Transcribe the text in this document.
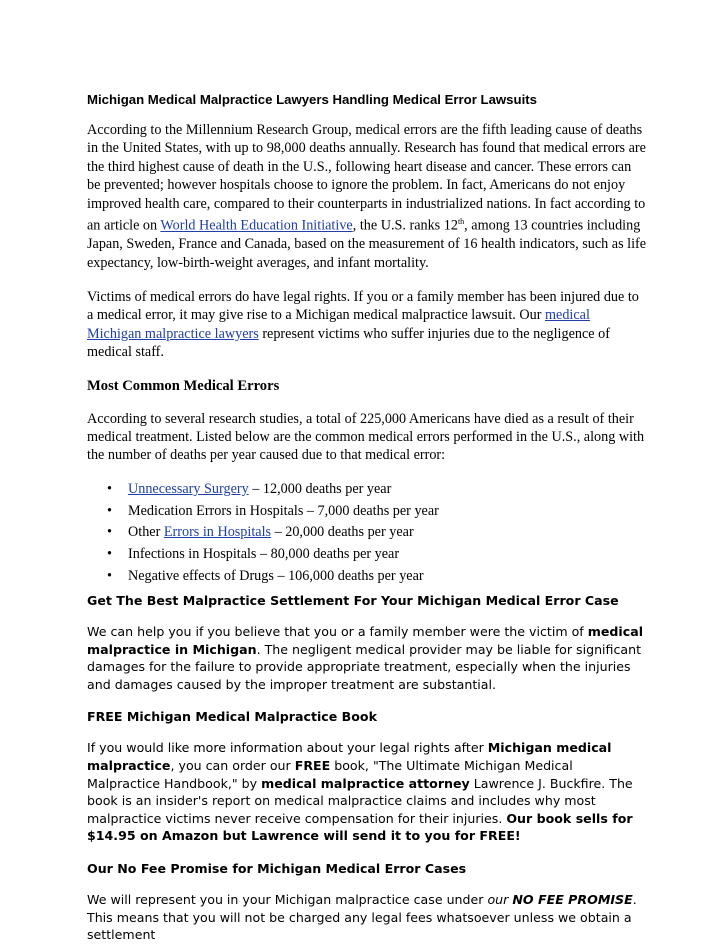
Michigan Medical Malpractice Lawyers Handling Medical Error Lawsuits

According to the Millennium Research Group, medical errors are the fifth leading cause of deaths in the United States, with up to 98,000 deaths annually. Research has found that medical errors are the third highest cause of death in the U.S., following heart disease and cancer. These errors can be prevented; however hospitals choose to ignore the problem. In fact, Americans do not enjoy improved health care, compared to their counterparts in industrialized nations. In fact according to an article on World Health Education Initiative, the U.S. ranks 12th, among 13 countries including Japan, Sweden, France and Canada, based on the measurement of 16 health indicators, such as life expectancy, low-birth-weight averages, and infant mortality.

Victims of medical errors do have legal rights. If you or a family member has been injured due to a medical error, it may give rise to a Michigan medical malpractice lawsuit. Our medical Michigan malpractice lawyers represent victims who suffer injuries due to the negligence of medical staff.

Most Common Medical Errors

According to several research studies, a total of 225,000 Americans have died as a result of their medical treatment. Listed below are the common medical errors performed in the U.S., along with the number of deaths per year caused due to that medical error:

• Unnecessary Surgery – 12,000 deaths per year
• Medication Errors in Hospitals – 7,000 deaths per year
• Other Errors in Hospitals – 20,000 deaths per year
• Infections in Hospitals – 80,000 deaths per year
• Negative effects of Drugs – 106,000 deaths per year
Get The Best Malpractice Settlement For Your Michigan Medical Error Case

We can help you if you believe that you or a family member were the victim of medical malpractice in Michigan. The negligent medical provider may be liable for significant damages for the failure to provide appropriate treatment, especially when the injuries and damages caused by the improper treatment are substantial.

FREE Michigan Medical Malpractice Book

If you would like more information about your legal rights after Michigan medical malpractice, you can order our FREE book, "The Ultimate Michigan Medical Malpractice Handbook," by medical malpractice attorney Lawrence J. Buckfire. The book is an insider's report on medical malpractice claims and includes why most malpractice victims never receive compensation for their injuries. Our book sells for $14.95 on Amazon but Lawrence will send it to you for FREE!

Our No Fee Promise for Michigan Medical Error Cases

We will represent you in your Michigan malpractice case under our NO FEE PROMISE. This means that you will not be charged any legal fees whatsoever unless we obtain a settlement
